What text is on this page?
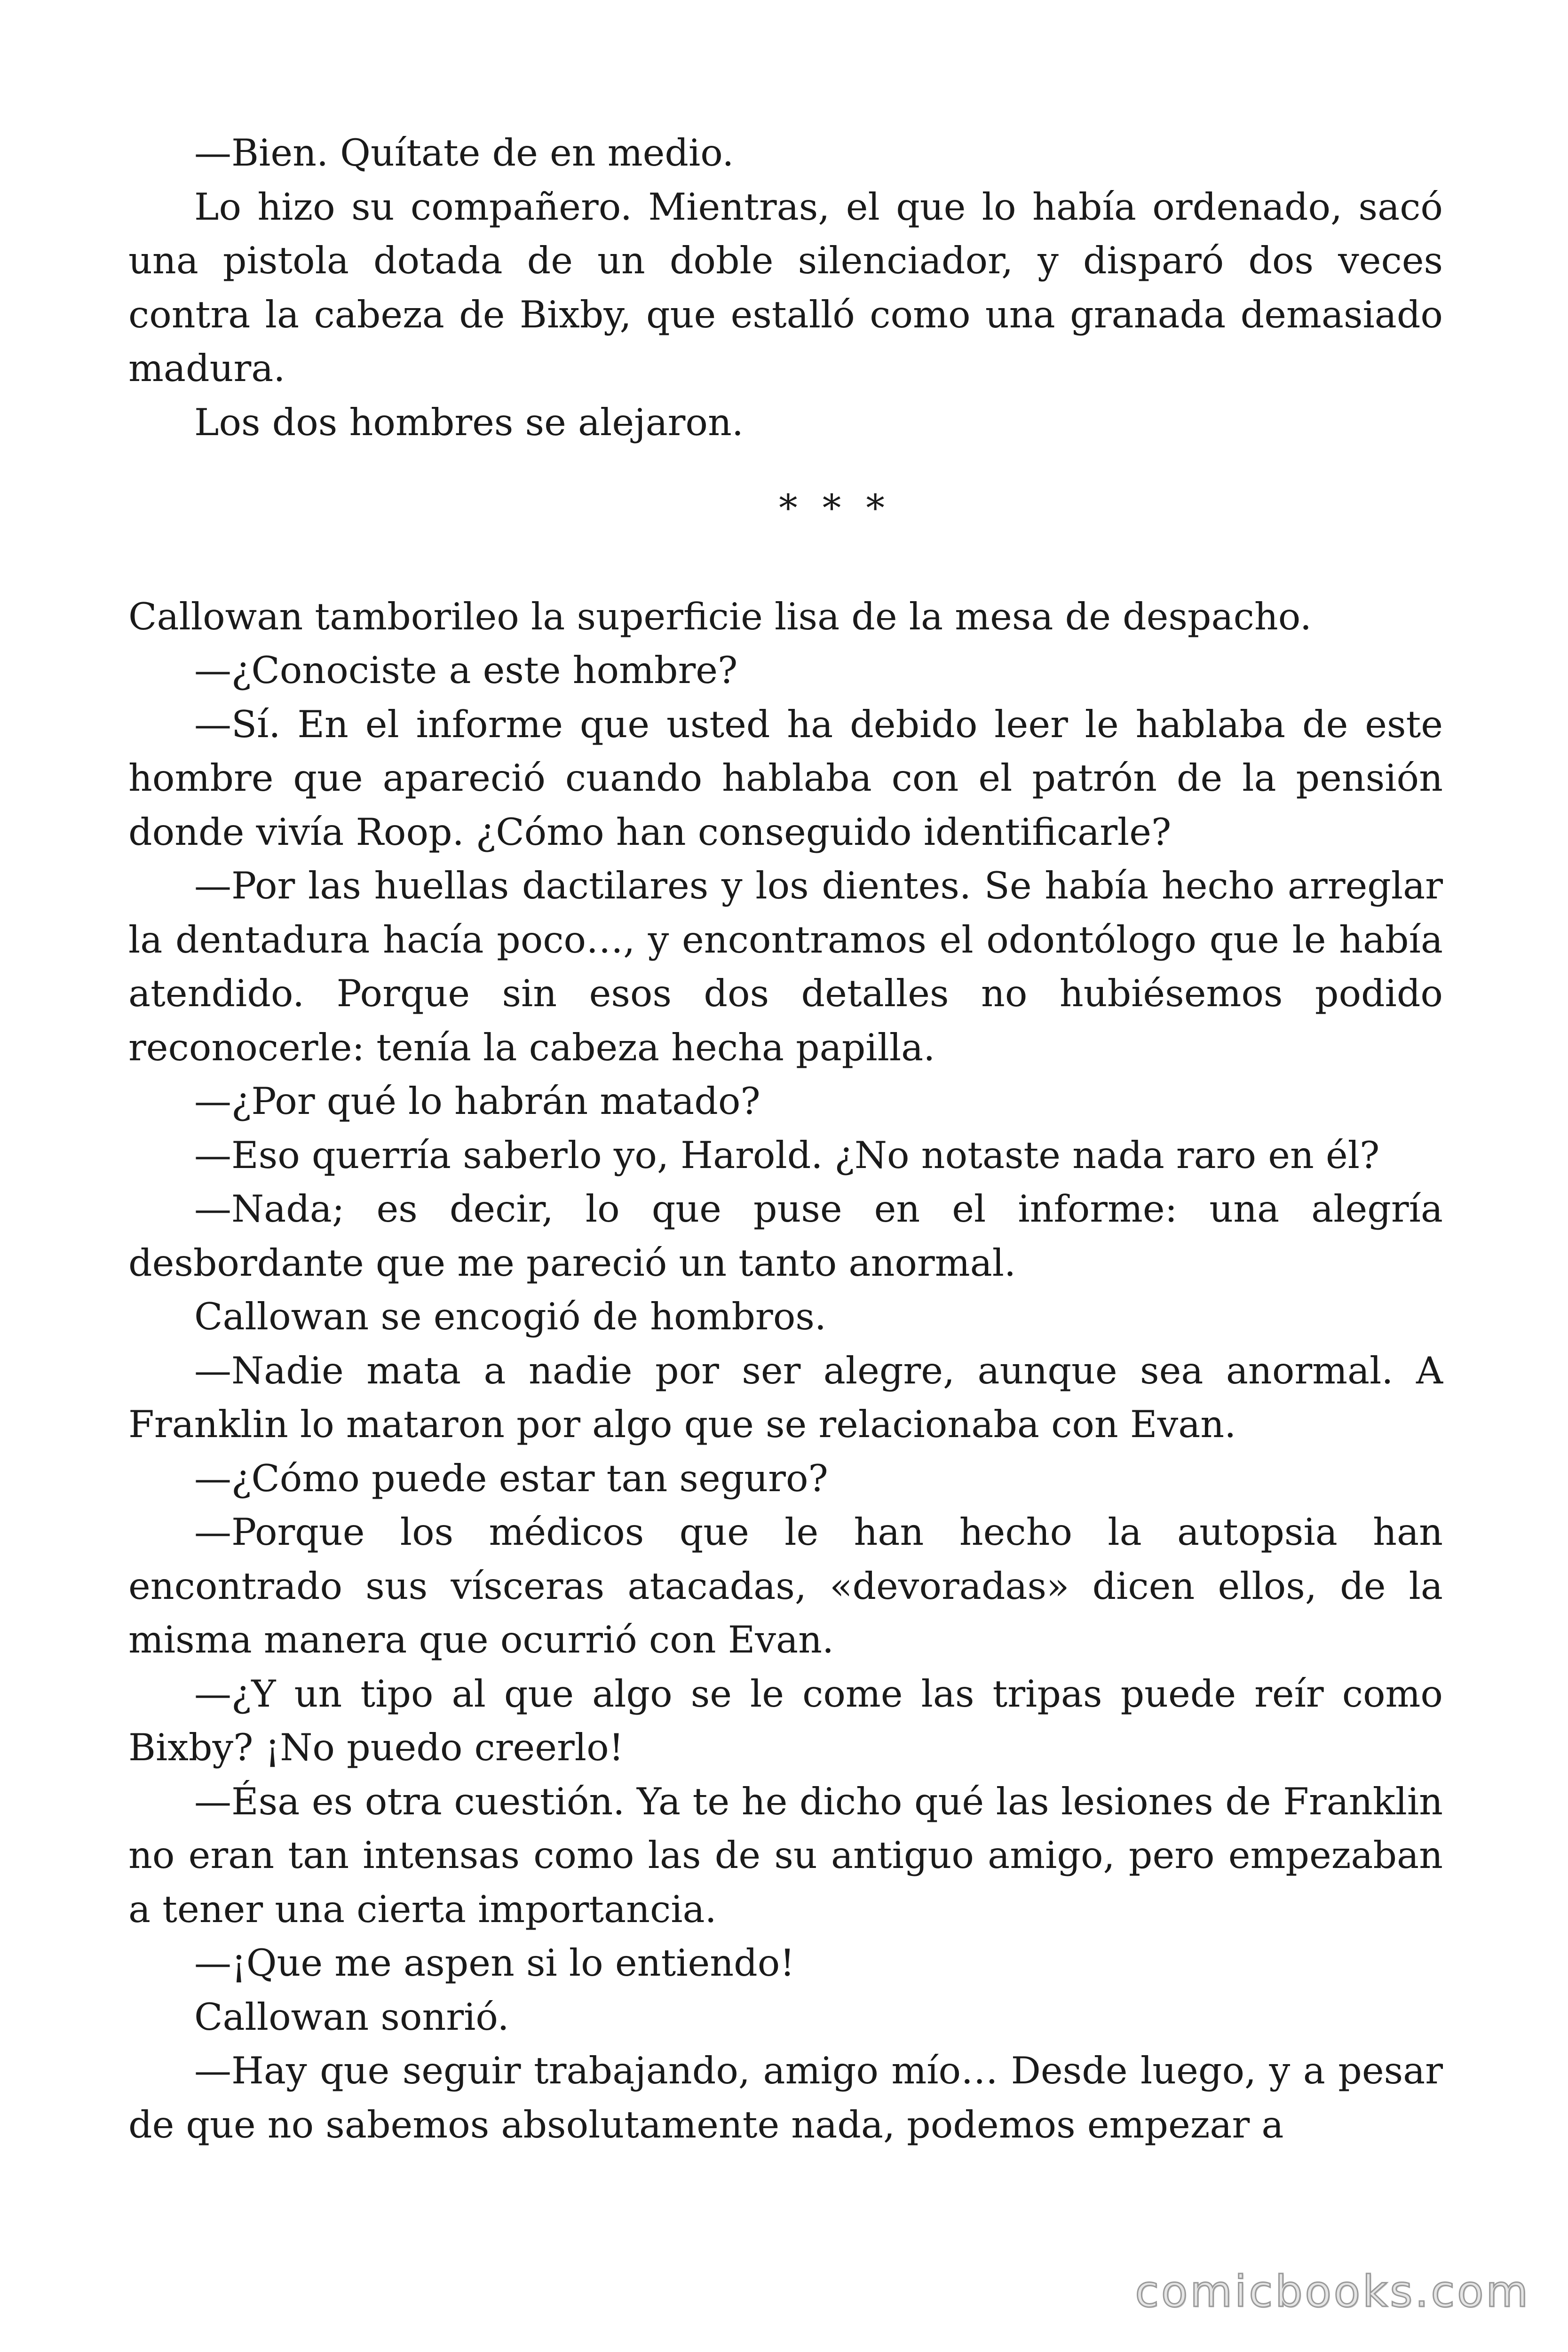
—Bien. Quítate de en medio.

Lo hizo su compañero. Mientras, el que lo había ordenado, sacó una pistola dotada de un doble silenciador, y disparó dos veces contra la cabeza de Bixby, que estalló como una granada demasiado madura.

Los dos hombres se alejaron.

* * *

Callowan tamborileo la superficie lisa de la mesa de despacho.

—¿Conociste a este hombre?

—Sí. En el informe que usted ha debido leer le hablaba de este hombre que apareció cuando hablaba con el patrón de la pensión donde vivía Roop. ¿Cómo han conseguido identificarle?

—Por las huellas dactilares y los dientes. Se había hecho arreglar la dentadura hacía poco…, y encontramos el odontólogo que le había atendido. Porque sin esos dos detalles no hubiésemos podido reconocerle: tenía la cabeza hecha papilla.

—¿Por qué lo habrán matado?

—Eso querría saberlo yo, Harold. ¿No notaste nada raro en él?

—Nada; es decir, lo que puse en el informe: una alegría desbordante que me pareció un tanto anormal.

Callowan se encogió de hombros.

—Nadie mata a nadie por ser alegre, aunque sea anormal. A Franklin lo mataron por algo que se relacionaba con Evan.

—¿Cómo puede estar tan seguro?

—Porque los médicos que le han hecho la autopsia han encontrado sus vísceras atacadas, «devoradas» dicen ellos, de la misma manera que ocurrió con Evan.

—¿Y un tipo al que algo se le come las tripas puede reír como Bixby? ¡No puedo creerlo!

—Ésa es otra cuestión. Ya te he dicho qué las lesiones de Franklin no eran tan intensas como las de su antiguo amigo, pero empezaban a tener una cierta importancia.

—¡Que me aspen si lo entiendo!

Callowan sonrió.

—Hay que seguir trabajando, amigo mío… Desde luego, y a pesar de que no sabemos absolutamente nada, podemos empezar a

comicbooks.com
